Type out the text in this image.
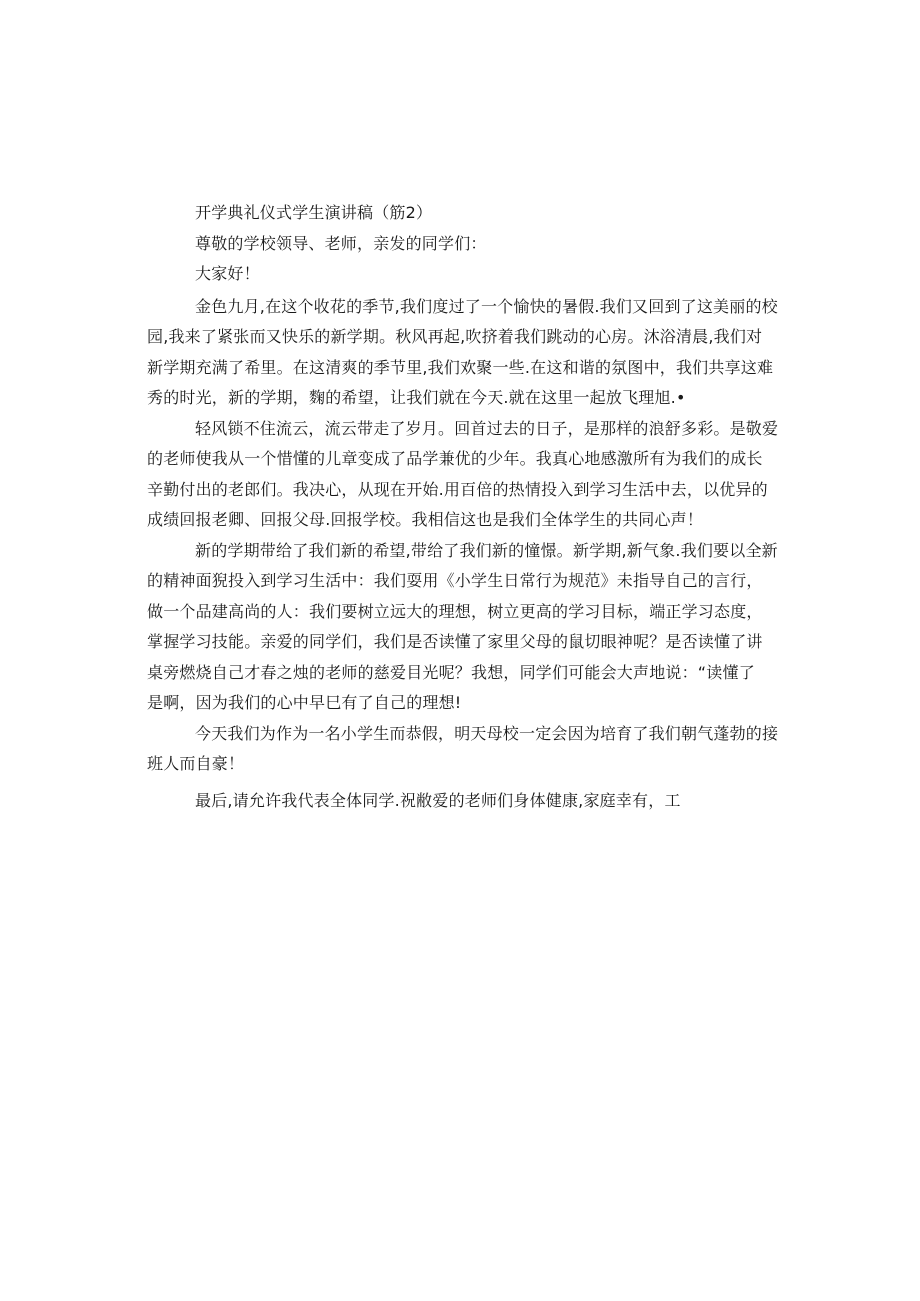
开学典礼仪式学生演讲稿（筋2）

尊敬的学校领导、老师，亲发的同学们：

大家好！

金色九月,在这个收花的季节,我们度过了一个愉快的暑假.我们又回到了这美丽的校

园,我来了紧张而又快乐的新学期。秋风再起,吹挤着我们跳动的心房。沐浴清晨,我们对

新学期充满了希里。在这清爽的季节里,我们欢聚一些.在这和谐的氛图中，我们共享这难

秀的时光，新的学期，麴的希望，让我们就在今天.就在这里一起放飞理旭.•

轻风锁不住流云，流云带走了岁月。回首过去的日子，是那样的浪舒多彩。是敬爱

的老师使我从一个惜懂的儿章变成了品学兼优的少年。我真心地感激所有为我们的成长

辛勤付出的老郎们。我决心，从现在开始.用百倍的热情投入到学习生活中去，以优异的

成绩回报老卿、回报父母.回报学校。我相信这也是我们全体学生的共同心声！

新的学期带给了我们新的希望,带给了我们新的憧憬。新学期,新气象.我们要以全新

的精神面猊投入到学习生活中：我们耍用《小学生日常行为规范》未指导自己的言行，

做一个品建高尚的人：我们要树立远大的理想，树立更高的学习目标，端正学习态度，

掌握学习技能。亲爱的同学们，我们是否读懂了家里父母的鼠切眼神呢？是否读懂了讲

桌旁燃烧自己才春之烛的老师的慈爱目光呢？我想，同学们可能会大声地说：“读懂了

是啊，因为我们的心中早巳有了自己的理想!

今天我们为作为一名小学生而恭假，明天母校一定会因为培育了我们朝气蓬勃的接

班人而自豪！

最后,请允许我代表全体同学.祝敝爱的老师们身体健康,家庭幸有，工
